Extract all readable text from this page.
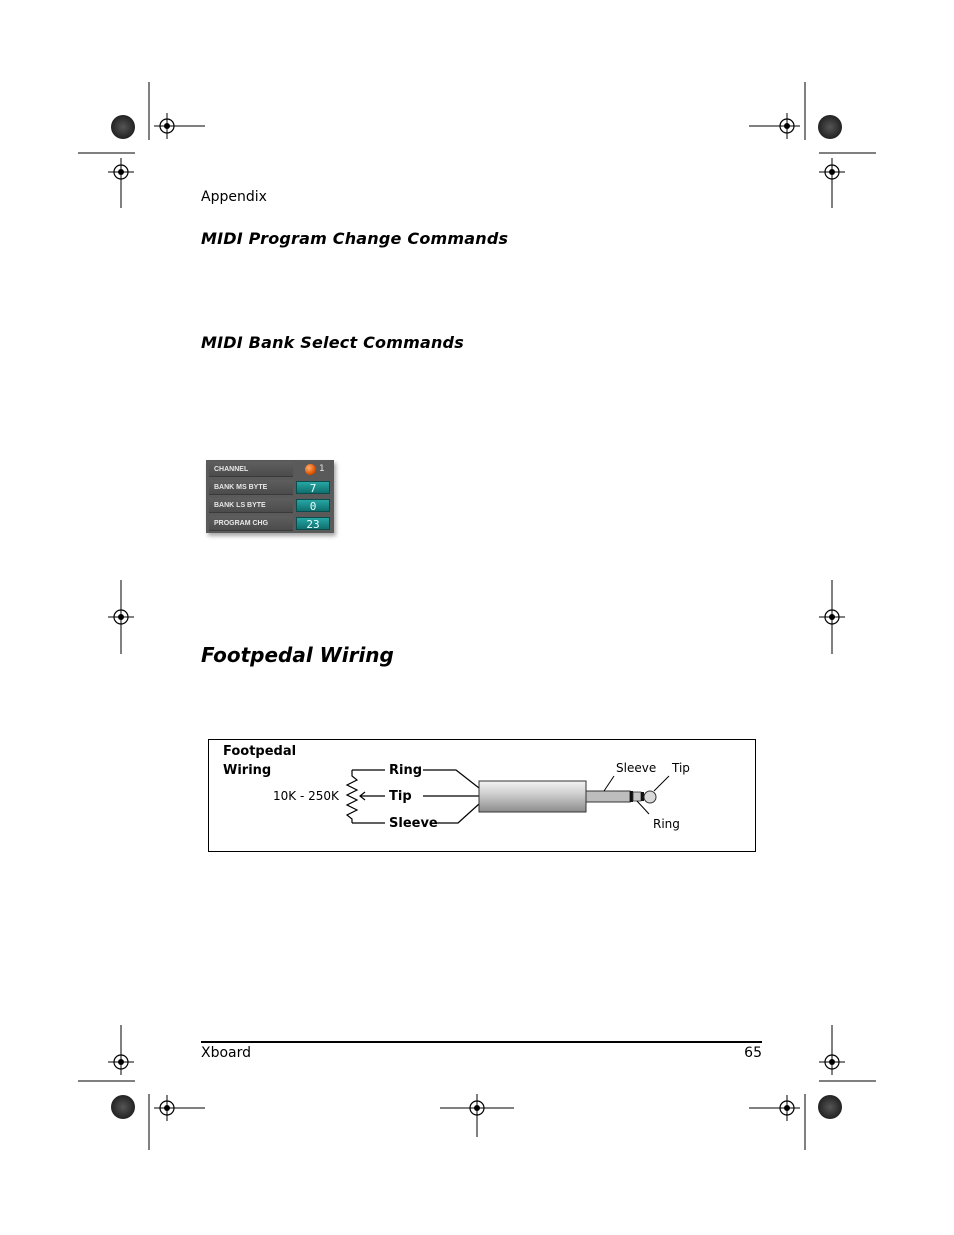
Appendix
MIDI Program Change Commands
MIDI Bank Select Commands
CHANNEL	1
BANK MS BYTE	7
BANK LS BYTE	0
PROGRAM CHG	23
Footpedal Wiring
Footpedal
Wiring
10K - 250K
Ring
Tip
Sleeve
Sleeve Tip
Ring
Xboard	65
